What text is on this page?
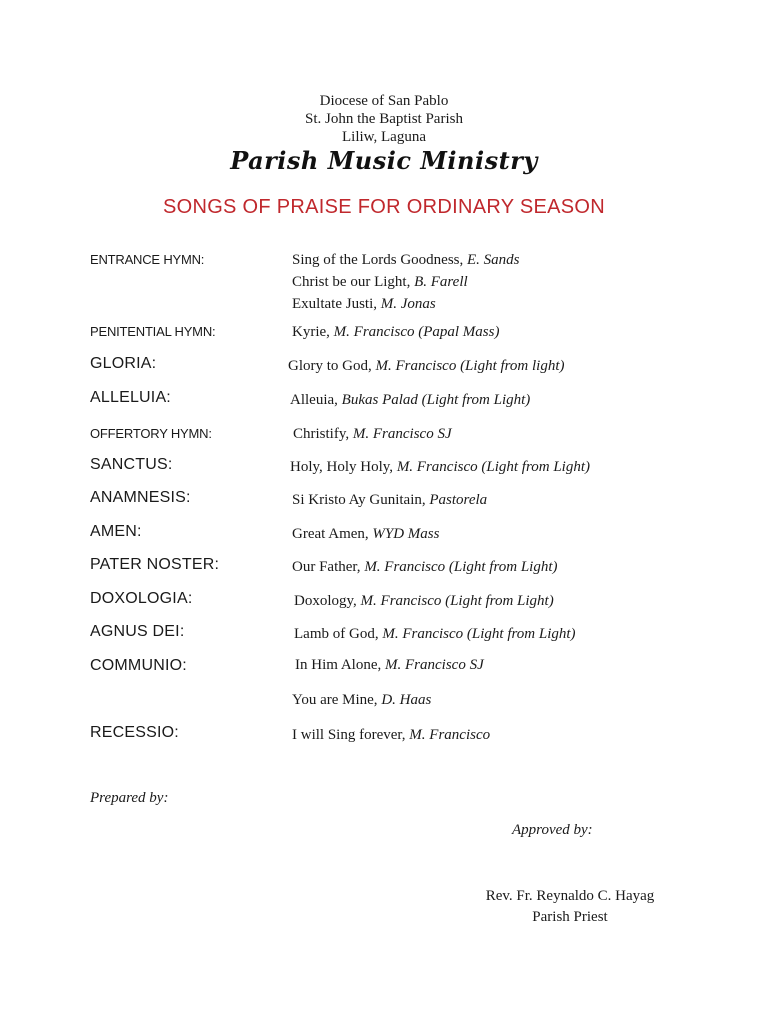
Diocese of San Pablo
St. John the Baptist Parish
Liliw, Laguna
Parish Music Ministry
SONGS OF PRAISE FOR ORDINARY SEASON
ENTRANCE HYMN:	Sing of the Lords Goodness, E. Sands
Christ be our Light, B. Farell
Exultate Justi, M. Jonas
PENITENTIAL HYMN:	Kyrie, M. Francisco (Papal Mass)
GLORIA:	Glory to God, M. Francisco (Light from light)
ALLELUIA:	Alleuia, Bukas Palad (Light from Light)
OFFERTORY HYMN:	Christify, M. Francisco SJ
SANCTUS:	Holy, Holy Holy, M. Francisco (Light from Light)
ANAMNESIS:	Si Kristo Ay Gunitain, Pastorela
AMEN:	Great Amen, WYD Mass
PATER NOSTER:	Our Father, M. Francisco (Light from Light)
DOXOLOGIA:	Doxology, M. Francisco (Light from Light)
AGNUS DEI:	Lamb of God, M. Francisco (Light from Light)
COMMUNIO:	In Him Alone, M. Francisco SJ
You are Mine, D. Haas
RECESSIO:	I will Sing forever, M. Francisco
Prepared by:
Approved by:
Rev. Fr. Reynaldo C. Hayag
Parish Priest
